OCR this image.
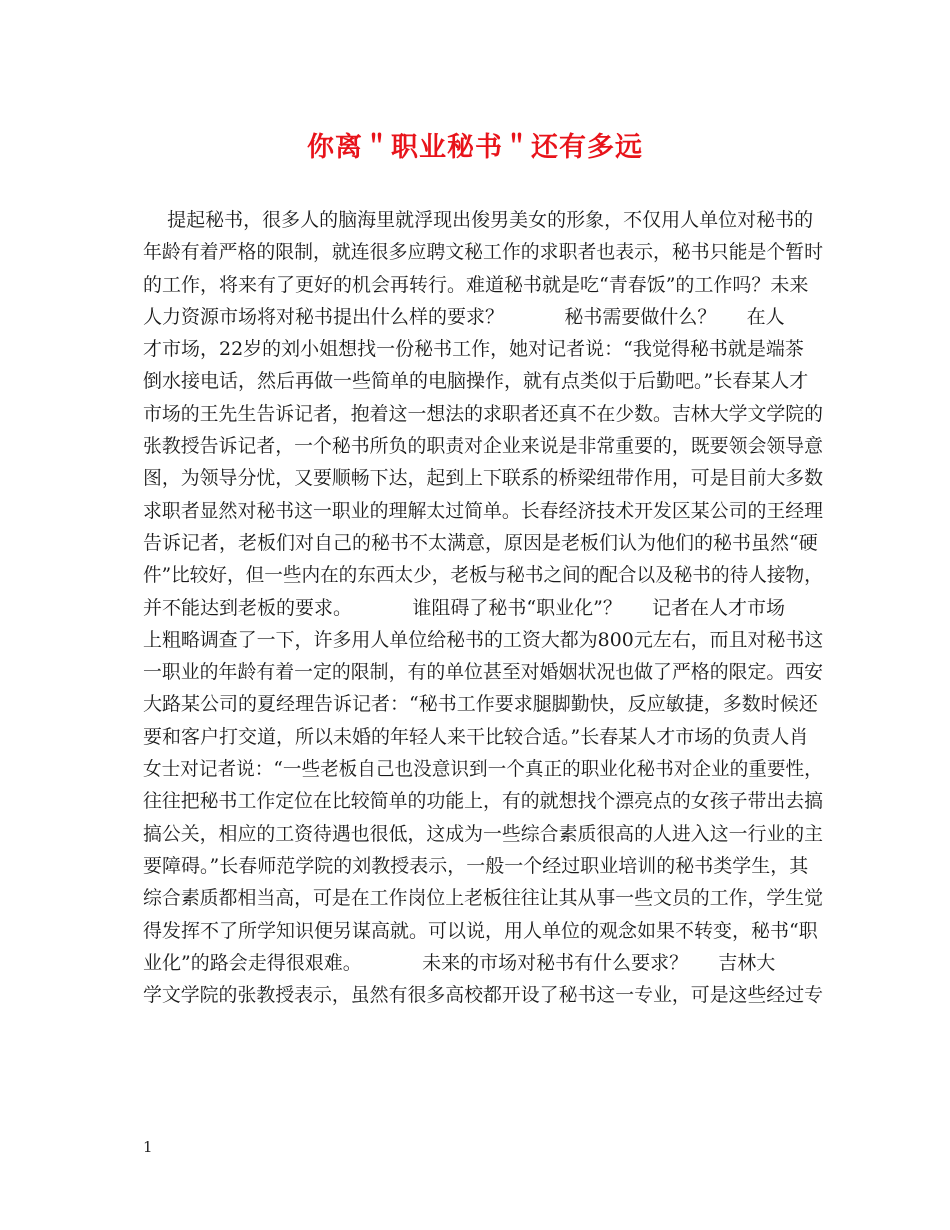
你离＂职业秘书＂还有多远
提起秘书，很多人的脑海里就浮现出俊男美女的形象，不仅用人单位对秘书的
年龄有着严格的限制，就连很多应聘文秘工作的求职者也表示，秘书只能是个暂时
的工作，将来有了更好的机会再转行。难道秘书就是吃“青春饭”的工作吗？未来
人力资源市场将对秘书提出什么样的要求？          秘书需要做什么？     在人
才市场，22岁的刘小姐想找一份秘书工作，她对记者说：“我觉得秘书就是端茶
倒水接电话，然后再做一些简单的电脑操作，就有点类似于后勤吧。”长春某人才
市场的王先生告诉记者，抱着这一想法的求职者还真不在少数。吉林大学文学院的
张教授告诉记者，一个秘书所负的职责对企业来说是非常重要的，既要领会领导意
图，为领导分忧，又要顺畅下达，起到上下联系的桥梁纽带作用，可是目前大多数
求职者显然对秘书这一职业的理解太过简单。长春经济技术开发区某公司的王经理
告诉记者，老板们对自己的秘书不太满意，原因是老板们认为他们的秘书虽然“硬
件”比较好，但一些内在的东西太少，老板与秘书之间的配合以及秘书的待人接物，
并不能达到老板的要求。          谁阻碍了秘书“职业化”？     记者在人才市场
上粗略调查了一下，许多用人单位给秘书的工资大都为800元左右，而且对秘书这
一职业的年龄有着一定的限制，有的单位甚至对婚姻状况也做了严格的限定。西安
大路某公司的夏经理告诉记者：“秘书工作要求腿脚勤快，反应敏捷，多数时候还
要和客户打交道，所以未婚的年轻人来干比较合适。”长春某人才市场的负责人肖
女士对记者说：“一些老板自己也没意识到一个真正的职业化秘书对企业的重要性，
往往把秘书工作定位在比较简单的功能上，有的就想找个漂亮点的女孩子带出去搞
搞公关，相应的工资待遇也很低，这成为一些综合素质很高的人进入这一行业的主
要障碍。”长春师范学院的刘教授表示，一般一个经过职业培训的秘书类学生，其
综合素质都相当高，可是在工作岗位上老板往往让其从事一些文员的工作，学生觉
得发挥不了所学知识便另谋高就。可以说，用人单位的观念如果不转变，秘书“职
业化”的路会走得很艰难。          未来的市场对秘书有什么要求？     吉林大
学文学院的张教授表示，虽然有很多高校都开设了秘书这一专业，可是这些经过专
1
